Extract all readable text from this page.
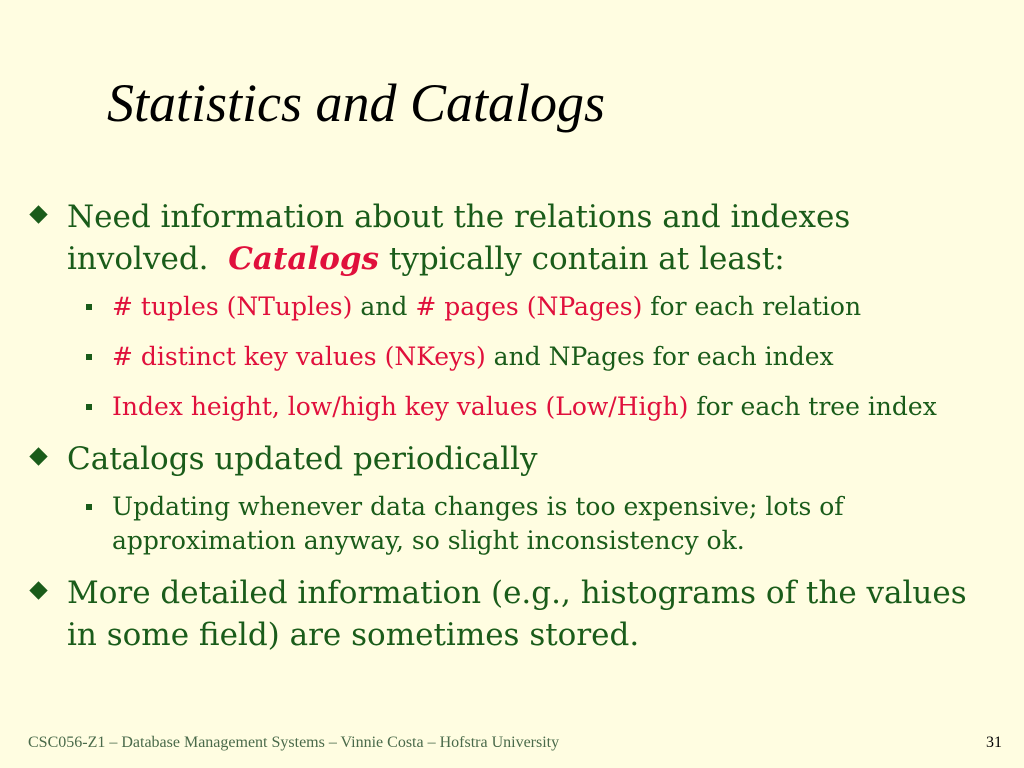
Statistics and Catalogs

Need information about the relations and indexes involved. Catalogs typically contain at least:

# tuples (NTuples) and # pages (NPages) for each relation

# distinct key values (NKeys) and NPages for each index

Index height, low/high key values (Low/High) for each tree index

Catalogs updated periodically

Updating whenever data changes is too expensive; lots of approximation anyway, so slight inconsistency ok.

More detailed information (e.g., histograms of the values in some field) are sometimes stored.

CSC056-Z1 – Database Management Systems – Vinnie Costa – Hofstra University	31
